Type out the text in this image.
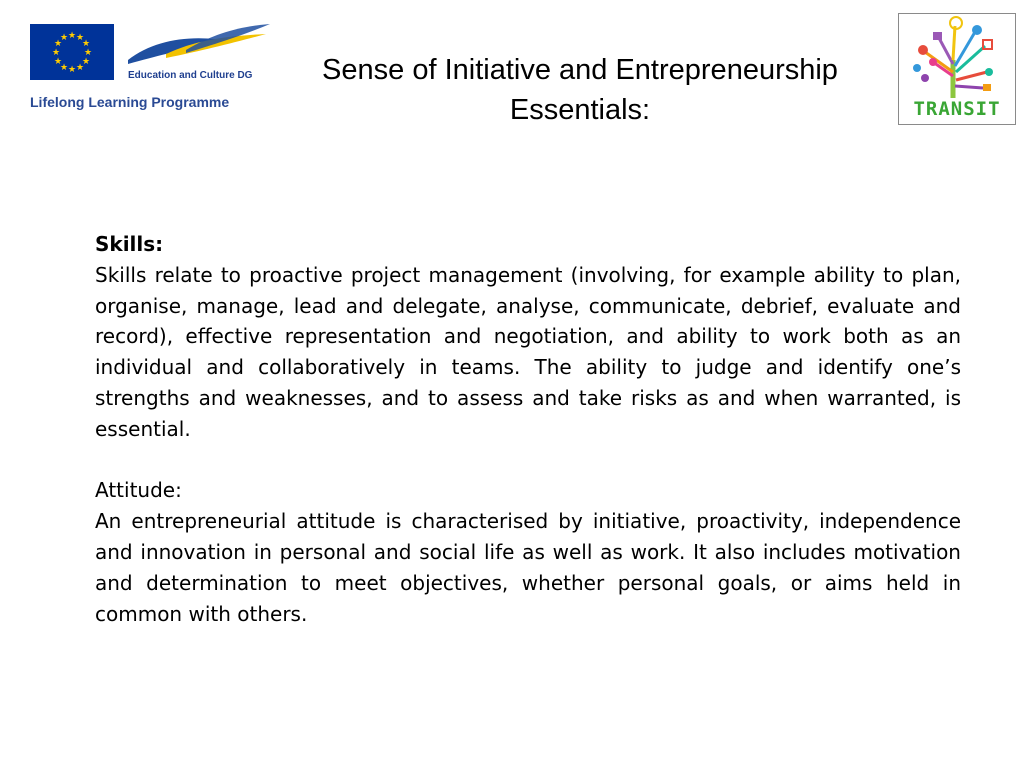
★ ★
★
★
★
★
★
★
★
★
★
★
Education and Culture DG
Lifelong Learning Programme
Sense of Initiative and Entrepreneurship
Essentials:	TRANSIT

Skills:

Skills relate to proactive project management (involving, for example ability to plan, organise, manage, lead and delegate, analyse, communicate, debrief, evaluate and record), effective representation and negotiation, and ability to work both as an individual and collaboratively in teams. The ability to judge and identify one’s strengths and weaknesses, and to assess and take risks as and when warranted, is essential.

Attitude:

An entrepreneurial attitude is characterised by initiative, proactivity, independence and innovation in personal and social life as well as work. It also includes motivation and determination to meet objectives, whether personal goals, or aims held in common with others.
